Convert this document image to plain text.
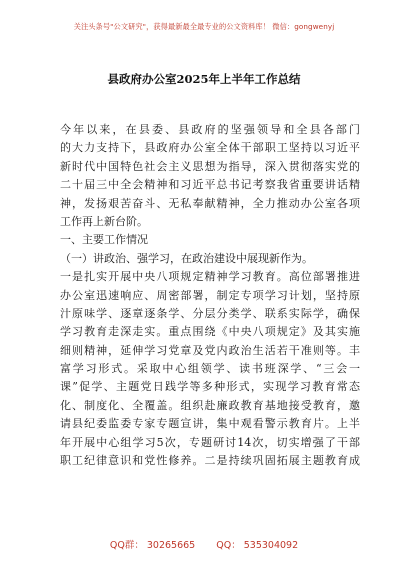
关注头条号"公文研究"，获得最新最全最专业的公文资料库！ 微信：gongwenyj
县政府办公室2025年上半年工作总结
今年以来，在县委、县政府的坚强领导和全县各部门
的大力支持下，县政府办公室全体干部职工坚持以习近平
新时代中国特色社会主义思想为指导，深入贯彻落实党的
二十届三中全会精神和习近平总书记考察我省重要讲话精
神，发扬艰苦奋斗、无私奉献精神，全力推动办公室各项
工作再上新台阶。
一、主要工作情况
（一）讲政治、强学习，在政治建设中展现新作为。
一是扎实开展中央八项规定精神学习教育。高位部署推进
办公室迅速响应、周密部署，制定专项学习计划，坚持原
汁原味学、逐章逐条学、分层分类学、联系实际学，确保
学习教育走深走实。重点围绕《中央八项规定》及其实施
细则精神，延伸学习党章及党内政治生活若干准则等。丰
富学习形式。采取中心组领学、读书班深学、“三会一
课”促学、主题党日践学等多种形式，实现学习教育常态
化、制度化、全覆盖。组织赴廉政教育基地接受教育，邀
请县纪委监委专家专题宣讲，集中观看警示教育片。上半
年开展中心组学习5次，专题研讨14次，切实增强了干部
职工纪律意识和党性修养。二是持续巩固拓展主题教育成
QQ群： 30265665 QQ： 535304092
